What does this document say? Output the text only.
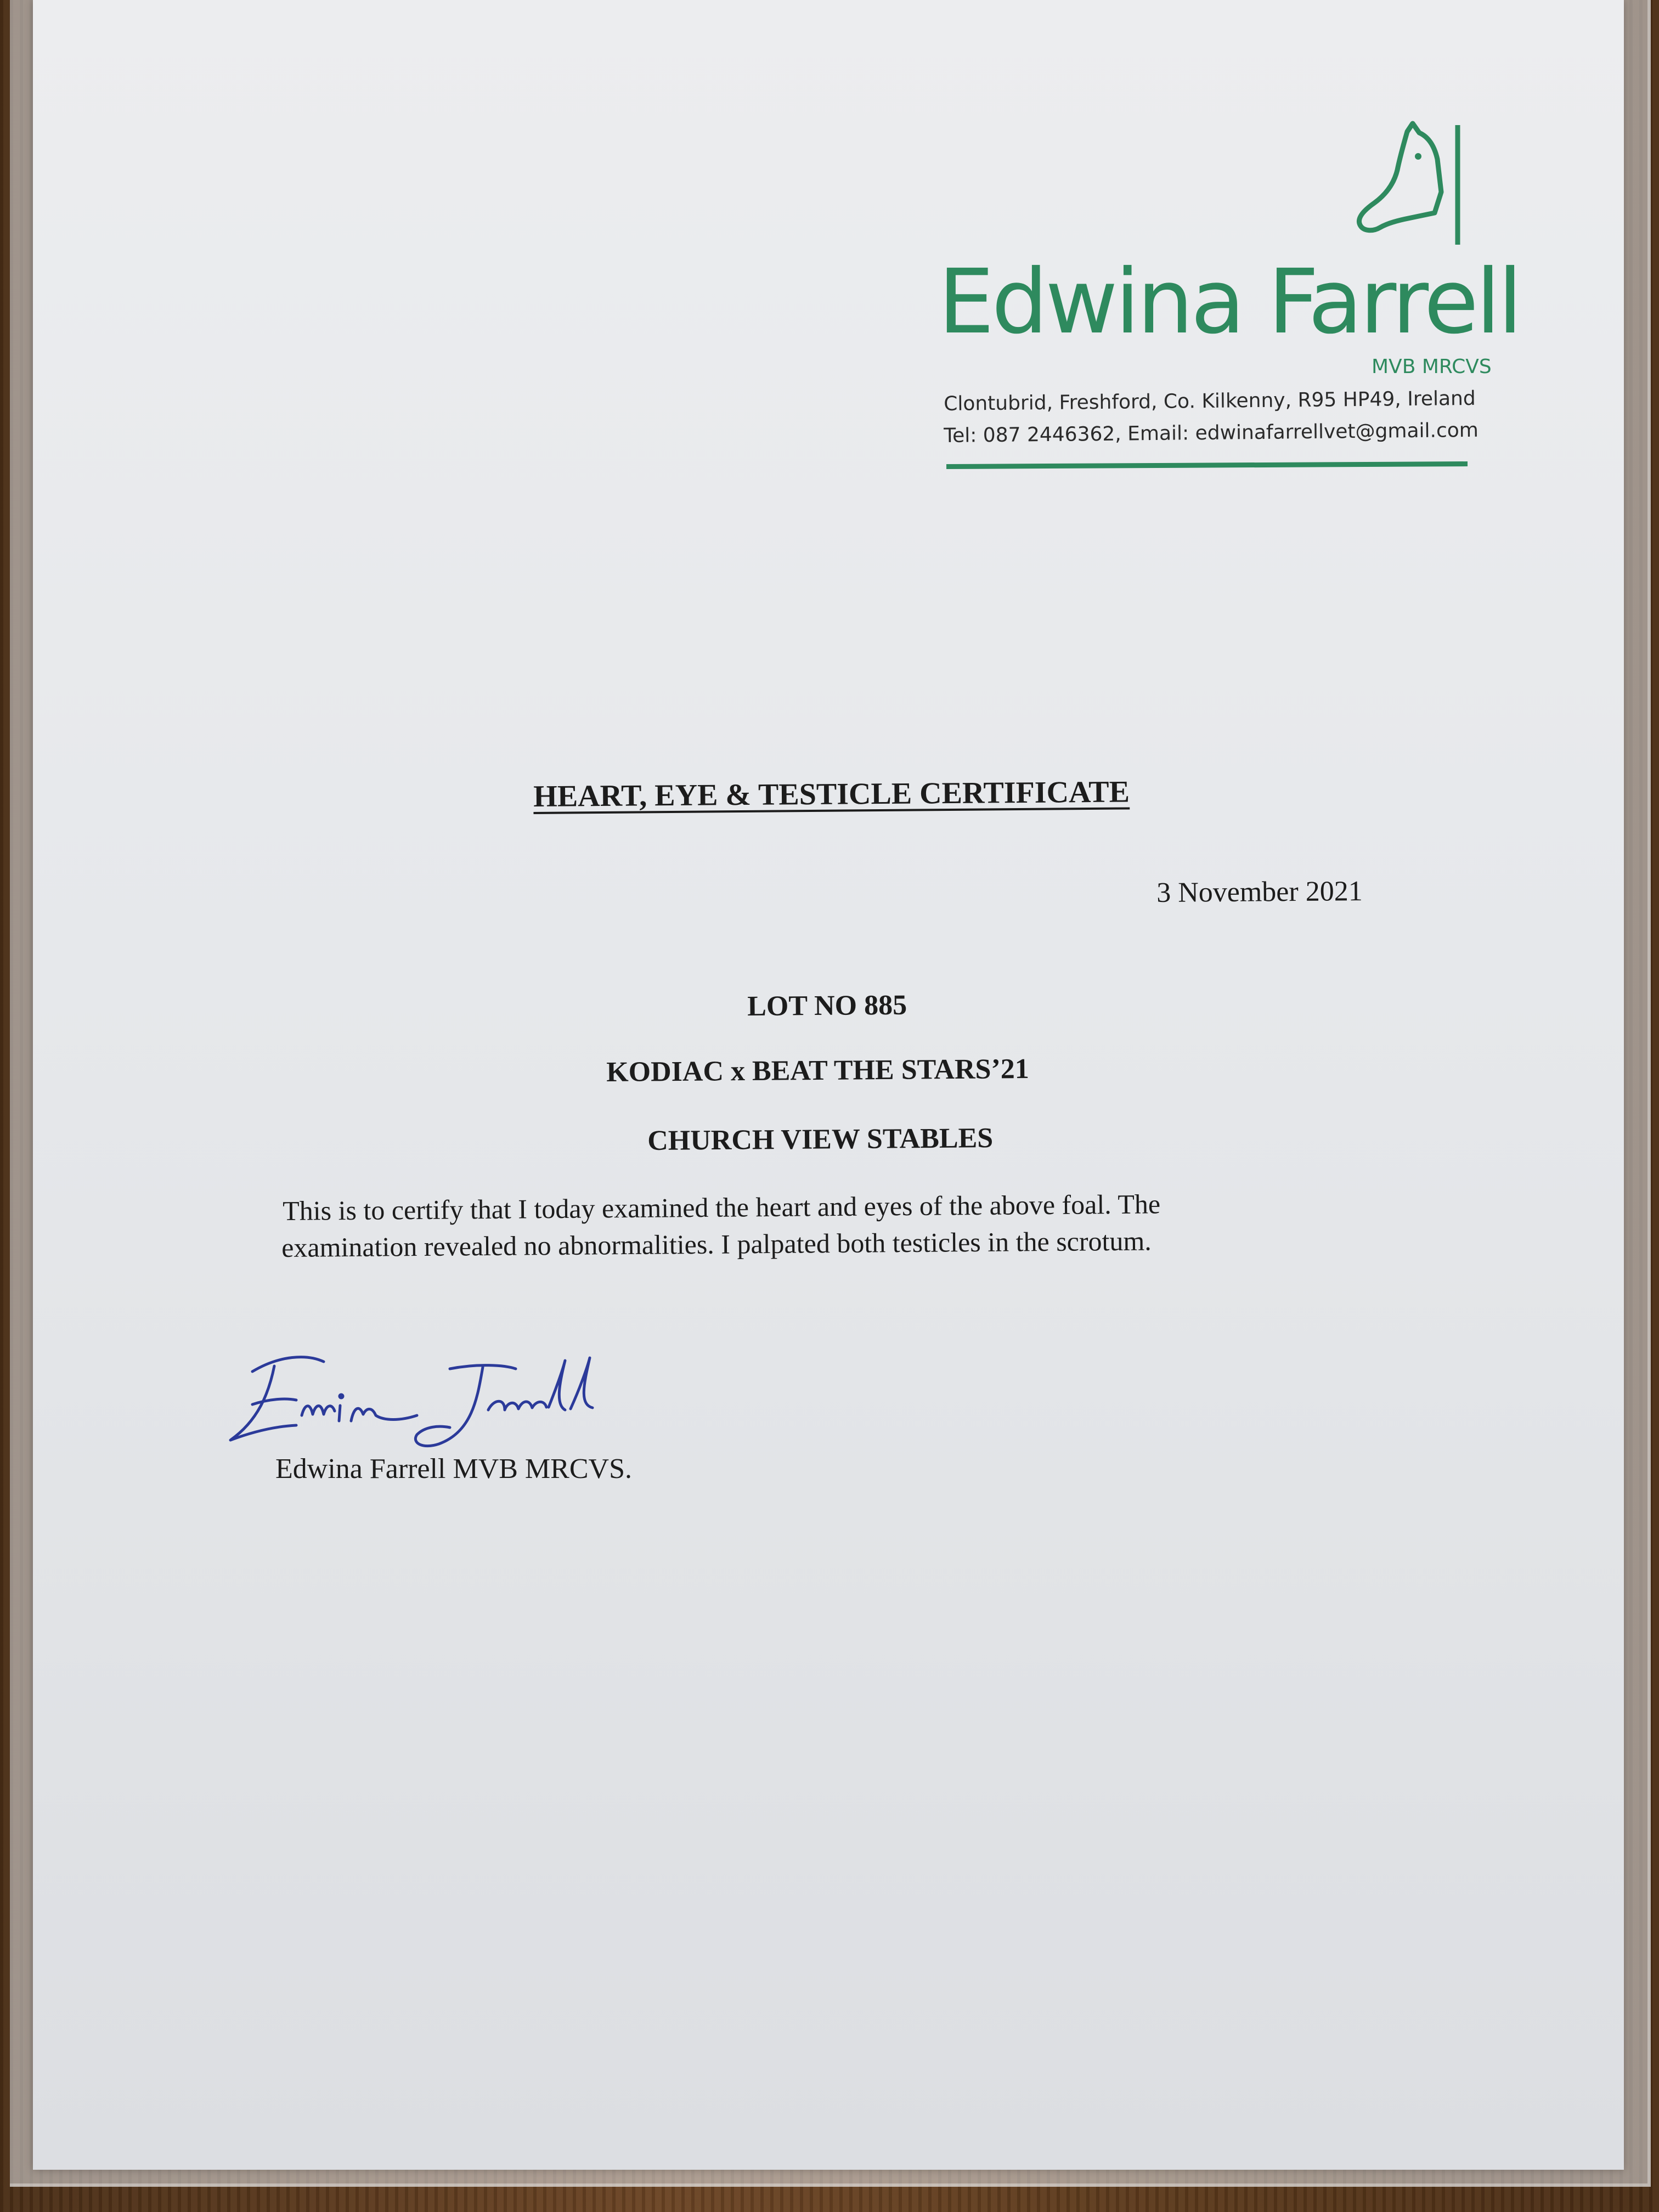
Edwina Farrell
MVB MRCVS
Clontubrid, Freshford, Co. Kilkenny, R95 HP49, Ireland
Tel: 087 2446362, Email: edwinafarrellvet@gmail.com
HEART, EYE & TESTICLE CERTIFICATE
3 November 2021
LOT NO 885
KODIAC x BEAT THE STARS’21
CHURCH VIEW STABLES
This is to certify that I today examined the heart and eyes of the above foal. The
examination revealed no abnormalities. I palpated both testicles in the scrotum.
Edwina Farrell MVB MRCVS.
